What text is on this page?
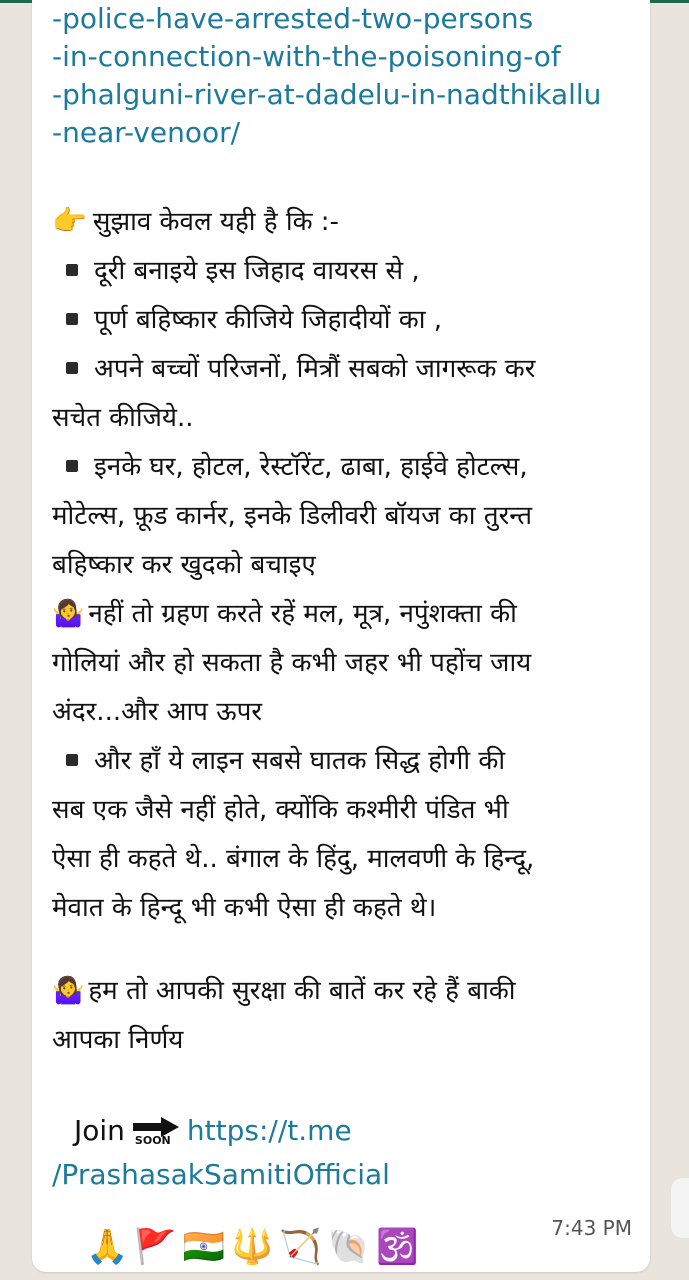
-police-have-arrested-two-persons
-in-connection-with-the-poisoning-of
-phalguni-river-at-dadelu-in-nadthikallu
-near-venoor/
👉 सुझाव केवल यही है कि :-
दूरी बनाइये इस जिहाद वायरस से ,
पूर्ण बहिष्कार कीजिये जिहादीयों का ,
अपने बच्चों परिजनों, मित्रौं सबको जागरूक कर
सचेत कीजिये..
इनके घर, होटल, रेस्टॉरेंट, ढाबा, हाईवे होटल्स,
मोटेल्स, फ़ूड कार्नर, इनके डिलीवरी बॉयज का तुरन्त
बहिष्कार कर खुदको बचाइए
🤷‍♀️ नहीं तो ग्रहण करते रहें मल, मूत्र, नपुंशक्ता की
गोलियां और हो सकता है कभी जहर भी पहोंच जाय
अंदर...और आप ऊपर
और हाँ ये लाइन सबसे घातक सिद्ध होगी की
सब एक जैसे नहीं होते, क्योंकि कश्मीरी पंडित भी
ऐसा ही कहते थे.. बंगाल के हिंदु, मालवणी के हिन्दू,
मेवात के हिन्दू भी कभी ऐसा ही कहते थे।
🤷‍♀️ हम तो आपकी सुरक्षा की बातें कर रहे हैं बाकी
आपका निर्णय
Join SOON https://t.me
/PrashasakSamitiOfficial
🙏 🚩 🇮🇳 🔱 🏹 🐚 🕉️	7:43 PM
